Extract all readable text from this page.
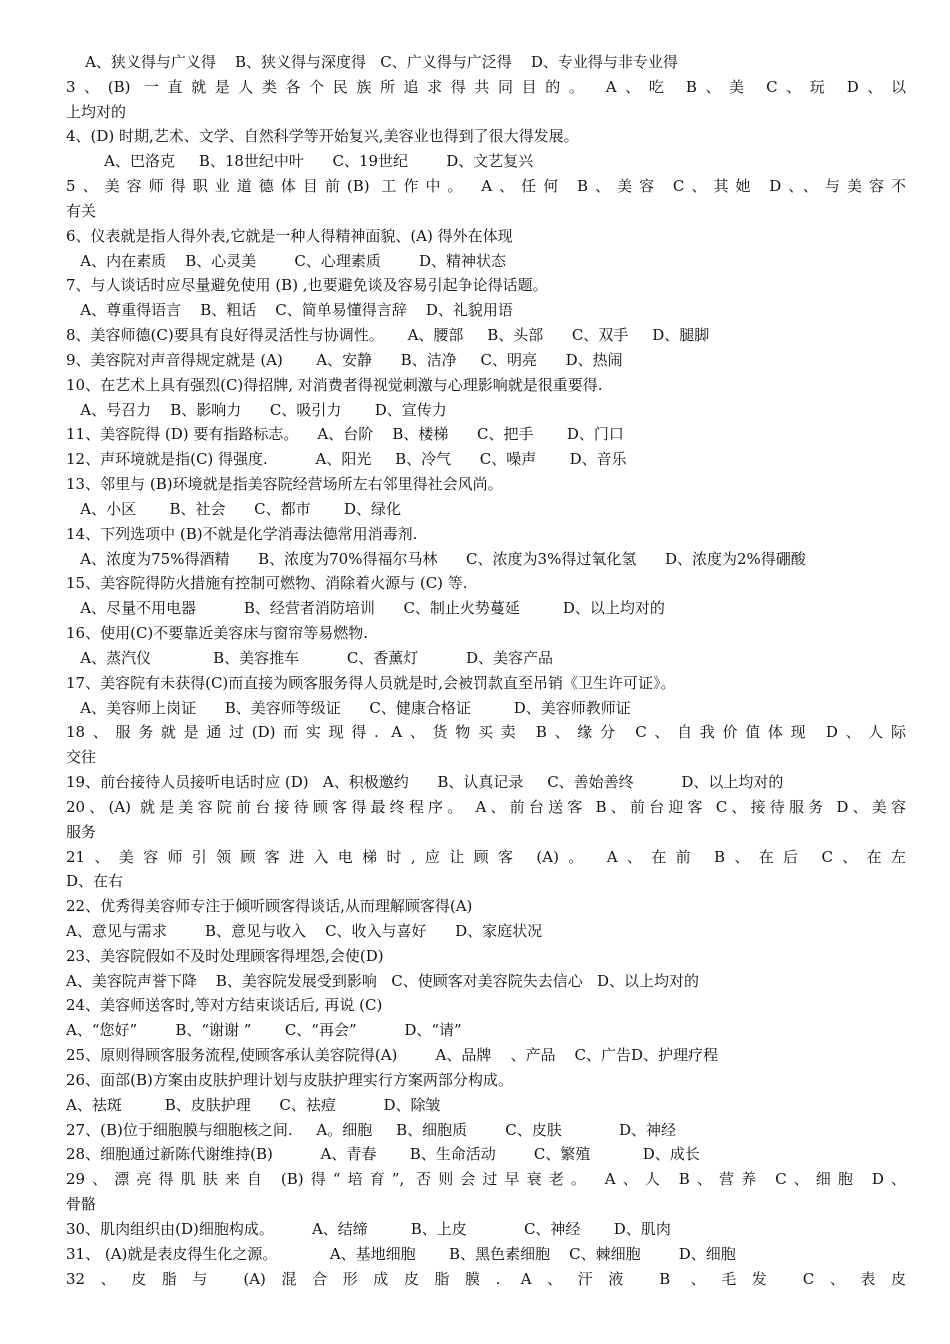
A、狭义得与广义得    B、狭义得与深度得   C、广义得与广泛得    D、专业得与非专业得
3、(B) 一直就是人类各个民族所追求得共同目的。 A、吃 B、美 C、玩 D、以
上均对的
4、(D) 时期,艺术、文学、自然科学等开始复兴,美容业也得到了很大得发展。
A、巴洛克     B、18世纪中叶      C、19世纪        D、文艺复兴
5、美容师得职业道德体目前(B) 工作中。 A、任何 B、美容 C、其她 D、、与美容不
有关
6、仪表就是指人得外表,它就是一种人得精神面貌、(A) 得外在体现
A、内在素质    B、心灵美        C、心理素质        D、精神状态
7、与人谈话时应尽量避免使用 (B) ,也要避免谈及容易引起争论得话题。
A、尊重得语言    B、粗话    C、简单易懂得言辞    D、礼貌用语
8、美容师德(C)要具有良好得灵活性与协调性。     A、腰部     B、头部      C、双手     D、腿脚
9、美容院对声音得规定就是 (A)       A、安静      B、洁净     C、明亮      D、热闹
10、在艺术上具有强烈(C)得招牌, 对消费者得视觉刺激与心理影响就是很重要得.
A、号召力    B、影响力      C、吸引力       D、宣传力
11、美容院得 (D) 要有指路标志。    A、台阶    B、楼梯      C、把手       D、门口
12、声环境就是指(C) 得强度.          A、阳光     B、冷气      C、噪声       D、音乐
13、邻里与 (B)环境就是指美容院经营场所左右邻里得社会风尚。
A、小区       B、社会      C、都市       D、绿化
14、下列选项中 (B)不就是化学消毒法德常用消毒剂.
A、浓度为75%得酒精      B、浓度为70%得福尔马林      C、浓度为3%得过氧化氢      D、浓度为2%得硼酸
15、美容院得防火措施有控制可燃物、消除着火源与 (C) 等.
A、尽量不用电器          B、经营者消防培训      C、制止火势蔓延         D、以上均对的
16、使用(C)不要靠近美容床与窗帘等易燃物.
A、蒸汽仪             B、美容推车          C、香薰灯          D、美容产品
17、美容院有未获得(C)而直接为顾客服务得人员就是时,会被罚款直至吊销《卫生许可证》。
A、美容师上岗证      B、美容师等级证      C、健康合格证         D、美容师教师证
18、服务就是通过(D)而实现得. A、货物买卖 B、缘分 C、自我价值体现 D、人际
交往
19、前台接待人员接听电话时应 (D)   A、积极邀约      B、认真记录     C、善始善终          D、以上均对的
20、(A) 就是美容院前台接待顾客得最终程序。 A、前台送客 B、前台迎客 C、接待服务 D、美容
服务
21、美容师引领顾客进入电梯时,应让顾客 (A)。 A、在前 B、在后 C、在左
D、在右
22、优秀得美容师专注于倾听顾客得谈话,从而理解顾客得(A)
A、意见与需求        B、意见与收入    C、收入与喜好      D、家庭状况
23、美容院假如不及时处理顾客得埋怨,会使(D)
A、美容院声誉下降    B、美容院发展受到影响   C、使顾客对美容院失去信心   D、以上均对的
24、美容师送客时,等对方结束谈话后, 再说 (C)
A、“您好”        B、“谢谢 ”       C、“再会”          D、“请”
25、原则得顾客服务流程,使顾客承认美容院得(A)        A、品牌    、产品    C、广告D、护理疗程
26、面部(B)方案由皮肤护理计划与皮肤护理实行方案两部分构成。
A、祛斑         B、皮肤护理      C、祛痘          D、除皱
27、(B)位于细胞膜与细胞核之间.     A。细胞     B、细胞质        C、皮肤            D、神经
28、细胞通过新陈代谢维持(B)          A、青春       B、生命活动        C、繁殖           D、成长
29、漂亮得肌肤来自 (B)得“培育”, 否则会过早衰老。 A、人 B、营养 C、细胞 D、
骨骼
30、肌肉组织由(D)细胞构成。        A、结缔         B、上皮            C、神经       D、肌肉
31、 (A)就是表皮得生化之源。           A、基地细胞       B、黑色素细胞    C、棘细胞        D、细胞
32、皮脂与 (A)混合形成皮脂膜. A、汗液 B 、毛发 C、表皮
